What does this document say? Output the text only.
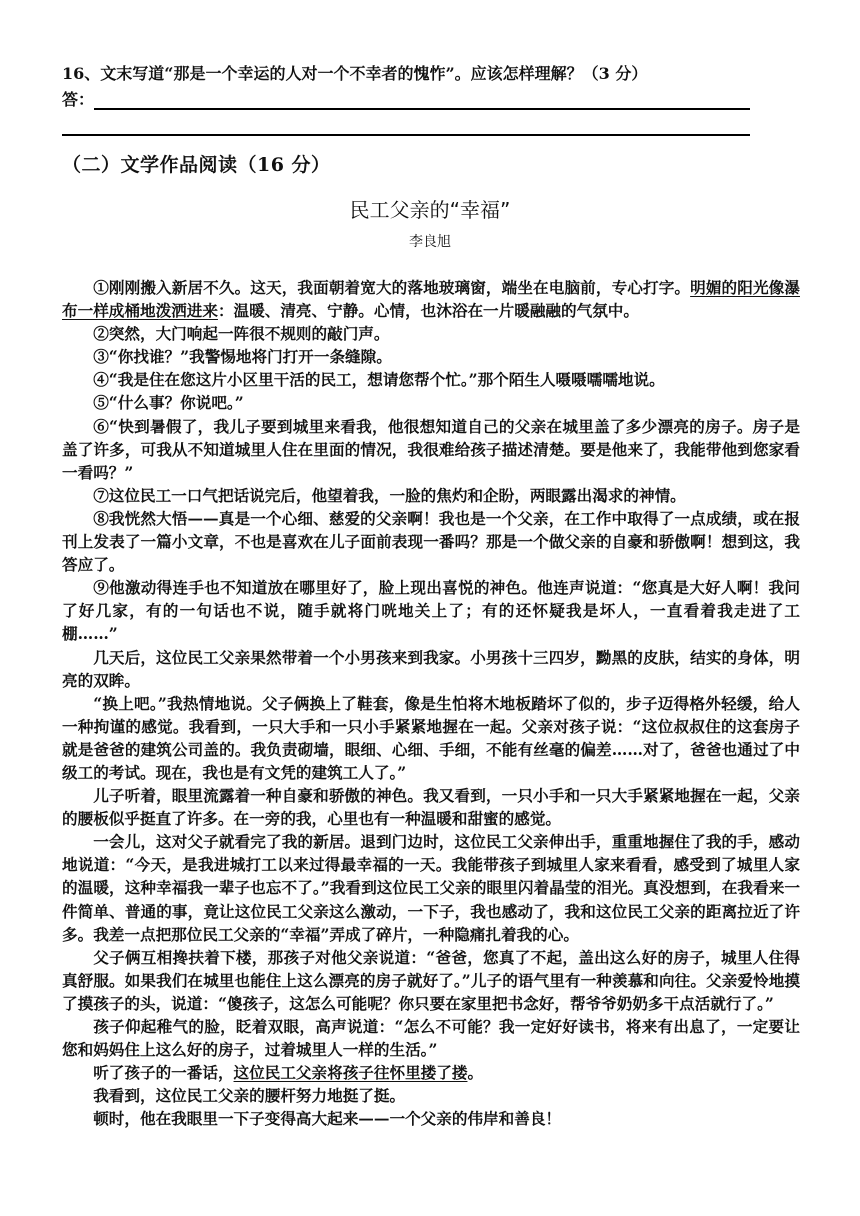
16、文末写道“那是一个幸运的人对一个不幸者的愧怍”。应该怎样理解？（3 分）
答：
（二）文学作品阅读（16 分）
民工父亲的“幸福”
李良旭

①刚刚搬入新居不久。这天，我面朝着宽大的落地玻璃窗，端坐在电脑前，专心打字。明媚的阳光像瀑布一样成桶地泼洒进来：温暖、清亮、宁静。心情，也沐浴在一片暖融融的气氛中。

②突然，大门响起一阵很不规则的敲门声。

③“你找谁？”我警惕地将门打开一条缝隙。

④“我是住在您这片小区里干活的民工，想请您帮个忙。”那个陌生人嗫嗫嚅嚅地说。

⑤“什么事？你说吧。”

⑥“快到暑假了，我儿子要到城里来看我，他很想知道自己的父亲在城里盖了多少漂亮的房子。房子是盖了许多，可我从不知道城里人住在里面的情况，我很难给孩子描述清楚。要是他来了，我能带他到您家看一看吗？”

⑦这位民工一口气把话说完后，他望着我，一脸的焦灼和企盼，两眼露出渴求的神情。

⑧我恍然大悟——真是一个心细、慈爱的父亲啊！我也是一个父亲，在工作中取得了一点成绩，或在报刊上发表了一篇小文章，不也是喜欢在儿子面前表现一番吗？那是一个做父亲的自豪和骄傲啊！想到这，我答应了。

⑨他激动得连手也不知道放在哪里好了，脸上现出喜悦的神色。他连声说道：“您真是大好人啊！我问了好几家，有的一句话也不说，随手就将门咣地关上了；有的还怀疑我是坏人，一直看着我走进了工棚……”

几天后，这位民工父亲果然带着一个小男孩来到我家。小男孩十三四岁，黝黑的皮肤，结实的身体，明亮的双眸。

“换上吧。”我热情地说。父子俩换上了鞋套，像是生怕将木地板踏坏了似的，步子迈得格外轻缓，给人一种拘谨的感觉。我看到，一只大手和一只小手紧紧地握在一起。父亲对孩子说：“这位叔叔住的这套房子就是爸爸的建筑公司盖的。我负责砌墙，眼细、心细、手细，不能有丝毫的偏差……对了，爸爸也通过了中级工的考试。现在，我也是有文凭的建筑工人了。”

儿子听着，眼里流露着一种自豪和骄傲的神色。我又看到，一只小手和一只大手紧紧地握在一起，父亲的腰板似乎挺直了许多。在一旁的我，心里也有一种温暖和甜蜜的感觉。

一会儿，这对父子就看完了我的新居。退到门边时，这位民工父亲伸出手，重重地握住了我的手，感动地说道：“今天，是我进城打工以来过得最幸福的一天。我能带孩子到城里人家来看看，感受到了城里人家的温暖，这种幸福我一辈子也忘不了。”我看到这位民工父亲的眼里闪着晶莹的泪光。真没想到，在我看来一件简单、普通的事，竟让这位民工父亲这么激动，一下子，我也感动了，我和这位民工父亲的距离拉近了许多。我差一点把那位民工父亲的“幸福”弄成了碎片，一种隐痛扎着我的心。

父子俩互相搀扶着下楼，那孩子对他父亲说道：“爸爸，您真了不起，盖出这么好的房子，城里人住得真舒服。如果我们在城里也能住上这么漂亮的房子就好了。”儿子的语气里有一种羡慕和向往。父亲爱怜地摸了摸孩子的头，说道：“傻孩子，这怎么可能呢？你只要在家里把书念好，帮爷爷奶奶多干点活就行了。”

孩子仰起稚气的脸，眨着双眼，高声说道：“怎么不可能？我一定好好读书，将来有出息了，一定要让您和妈妈住上这么好的房子，过着城里人一样的生活。”

听了孩子的一番话，这位民工父亲将孩子往怀里搂了搂。

我看到，这位民工父亲的腰杆努力地挺了挺。

顿时，他在我眼里一下子变得高大起来——一个父亲的伟岸和善良！
